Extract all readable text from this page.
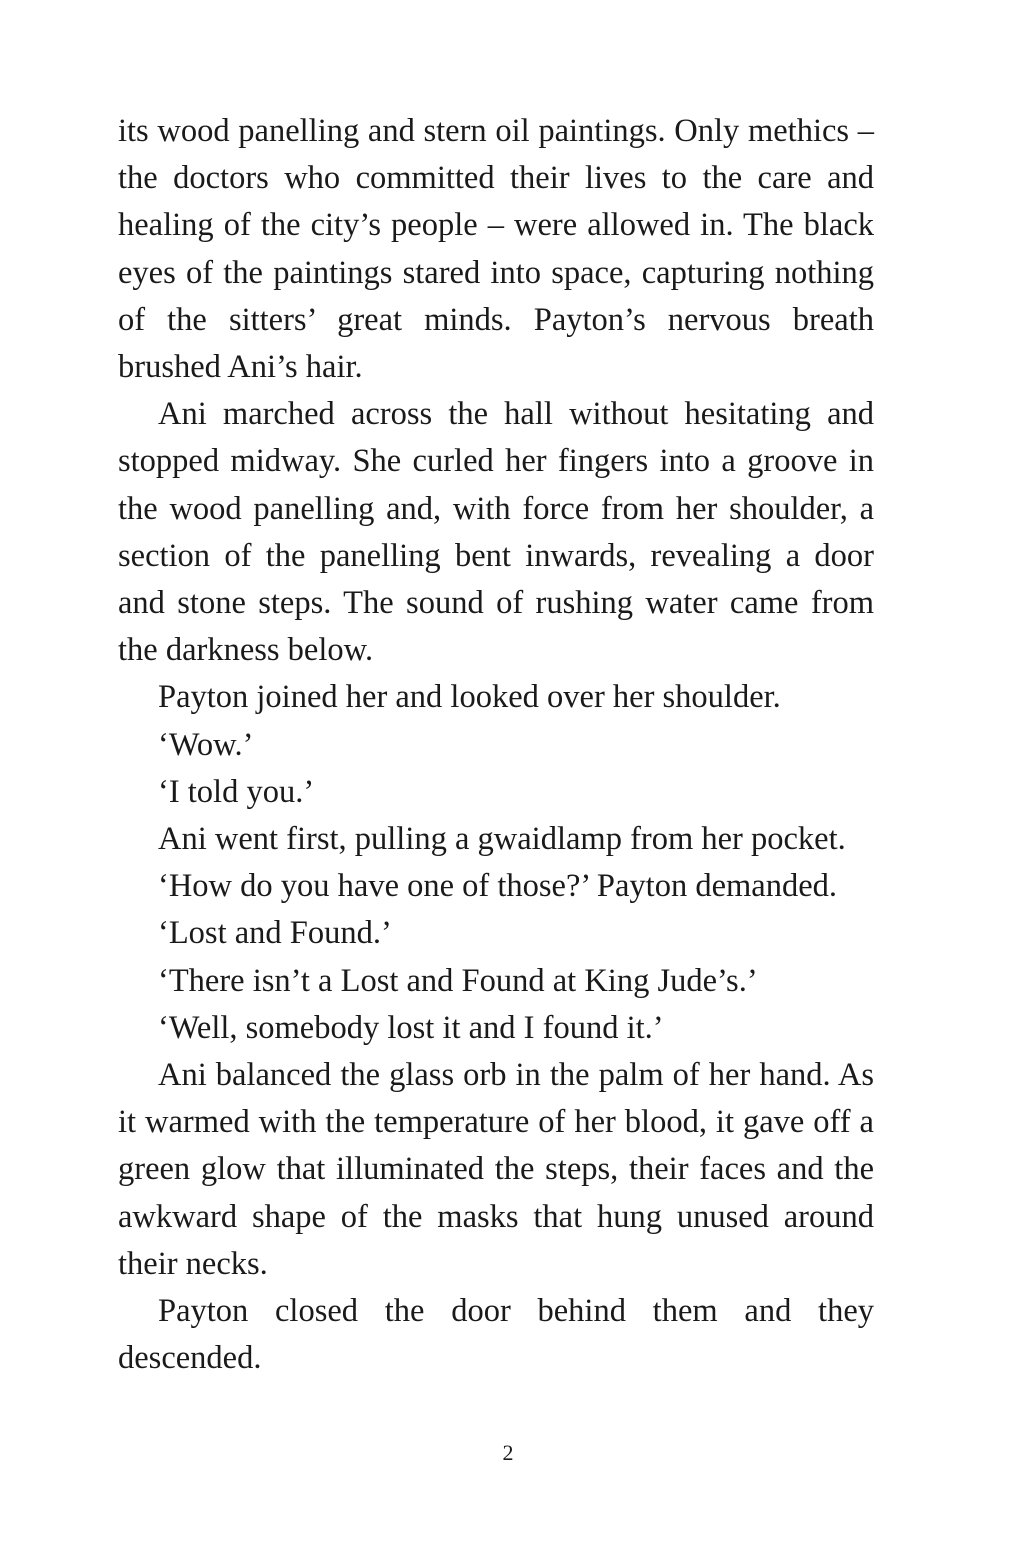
its wood panelling and stern oil paintings. Only methics – the doctors who committed their lives to the care and healing of the city’s people – were allowed in. The black eyes of the paintings stared into space, capturing nothing of the sitters’ great minds. Payton’s nervous breath brushed Ani’s hair.

Ani marched across the hall without hesitating and stopped midway. She curled her fingers into a groove in the wood panelling and, with force from her shoulder, a section of the panelling bent inwards, revealing a door and stone steps. The sound of rushing water came from the darkness below.

Payton joined her and looked over her shoulder.

‘Wow.’

‘I told you.’

Ani went first, pulling a gwaidlamp from her pocket.

‘How do you have one of those?’ Payton demanded.

‘Lost and Found.’

‘There isn’t a Lost and Found at King Jude’s.’

‘Well, somebody lost it and I found it.’

Ani balanced the glass orb in the palm of her hand. As it warmed with the temperature of her blood, it gave off a green glow that illuminated the steps, their faces and the awkward shape of the masks that hung unused around their necks.

Payton closed the door behind them and they descended.

2
